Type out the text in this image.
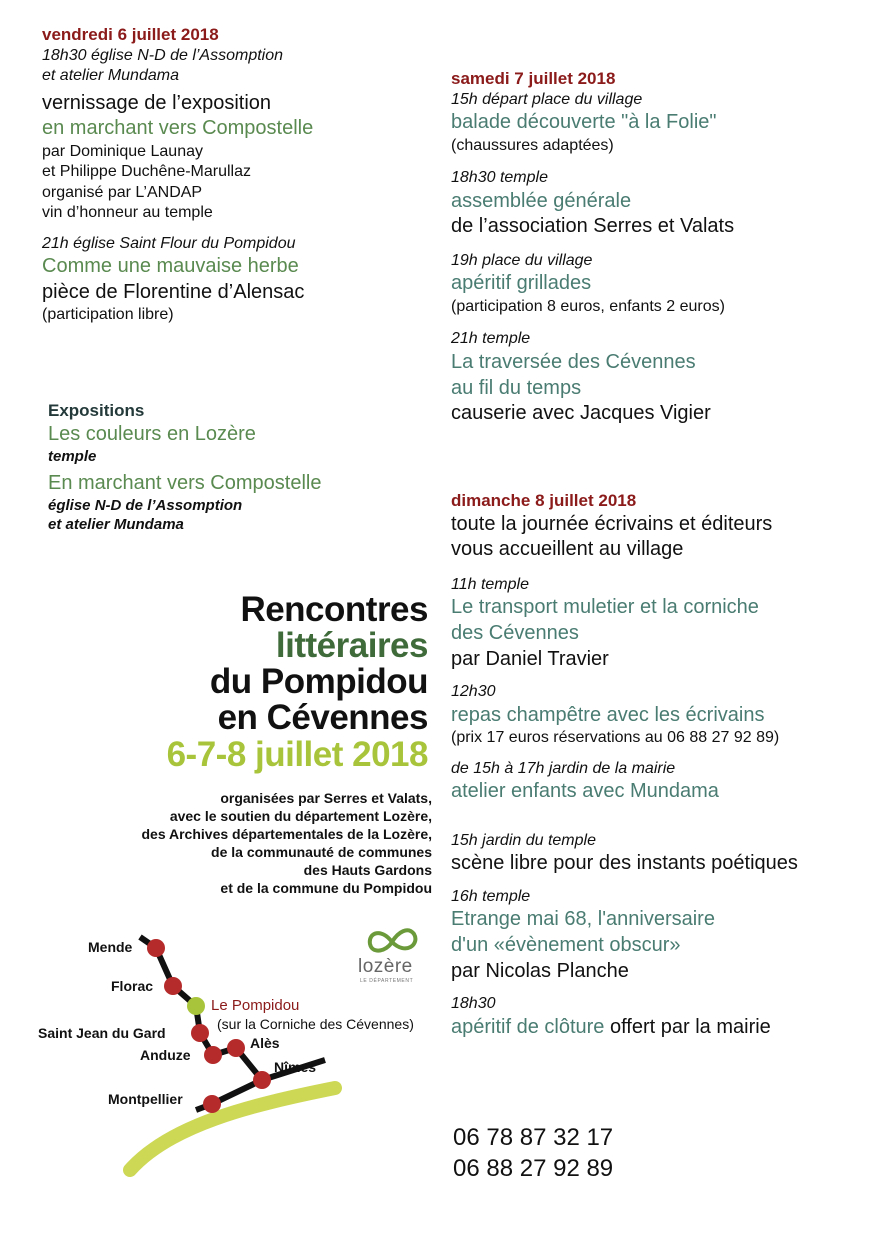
vendredi 6 juillet 2018
18h30 église N-D de l’Assomption
et atelier Mundama
vernissage de l’exposition
en marchant vers Compostelle
par Dominique Launay
et Philippe Duchêne-Marullaz
organisé par L’ANDAP
vin d’honneur au temple
21h église Saint Flour du Pompidou
Comme une mauvaise herbe
pièce de Florentine d’Alensac
(participation libre)
Expositions
Les couleurs en Lozère
temple
En marchant vers Compostelle
église N-D de l’Assomption
et atelier Mundama
Rencontres
littéraires
du Pompidou
en Cévennes
6-7-8 juillet 2018
organisées par Serres et Valats,
avec le soutien du département Lozère,
des Archives départementales de la Lozère,
de la communauté de communes
des Hauts Gardons
et de la commune du Pompidou
lozère
LE DÉPARTEMENT
Mende
Florac
Le Pompidou
(sur la Corniche des Cévennes)
Saint Jean du Gard
Anduze
Alès
Nîmes
Montpellier
samedi 7 juillet 2018
15h départ place du village
balade découverte "à la Folie"
(chaussures adaptées)
18h30 temple
assemblée générale
de l’association Serres et Valats
19h place du village
apéritif grillades
(participation 8 euros, enfants 2 euros)
21h temple
La traversée des Cévennes
au fil du temps
causerie avec Jacques Vigier
dimanche 8 juillet 2018
toute la journée écrivains et éditeurs
vous accueillent au village
11h temple
Le transport muletier et la corniche
des Cévennes
par Daniel Travier
12h30
repas champêtre avec les écrivains
(prix 17 euros réservations au 06 88 27 92 89)
de 15h à 17h jardin de la mairie
atelier enfants avec Mundama
15h jardin du temple
scène libre pour des instants poétiques
16h temple
Etrange mai 68, l'anniversaire
d'un «évènement obscur»
par Nicolas Planche
18h30
apéritif de clôture offert par la mairie
06 78 87 32 17
06 88 27 92 89
